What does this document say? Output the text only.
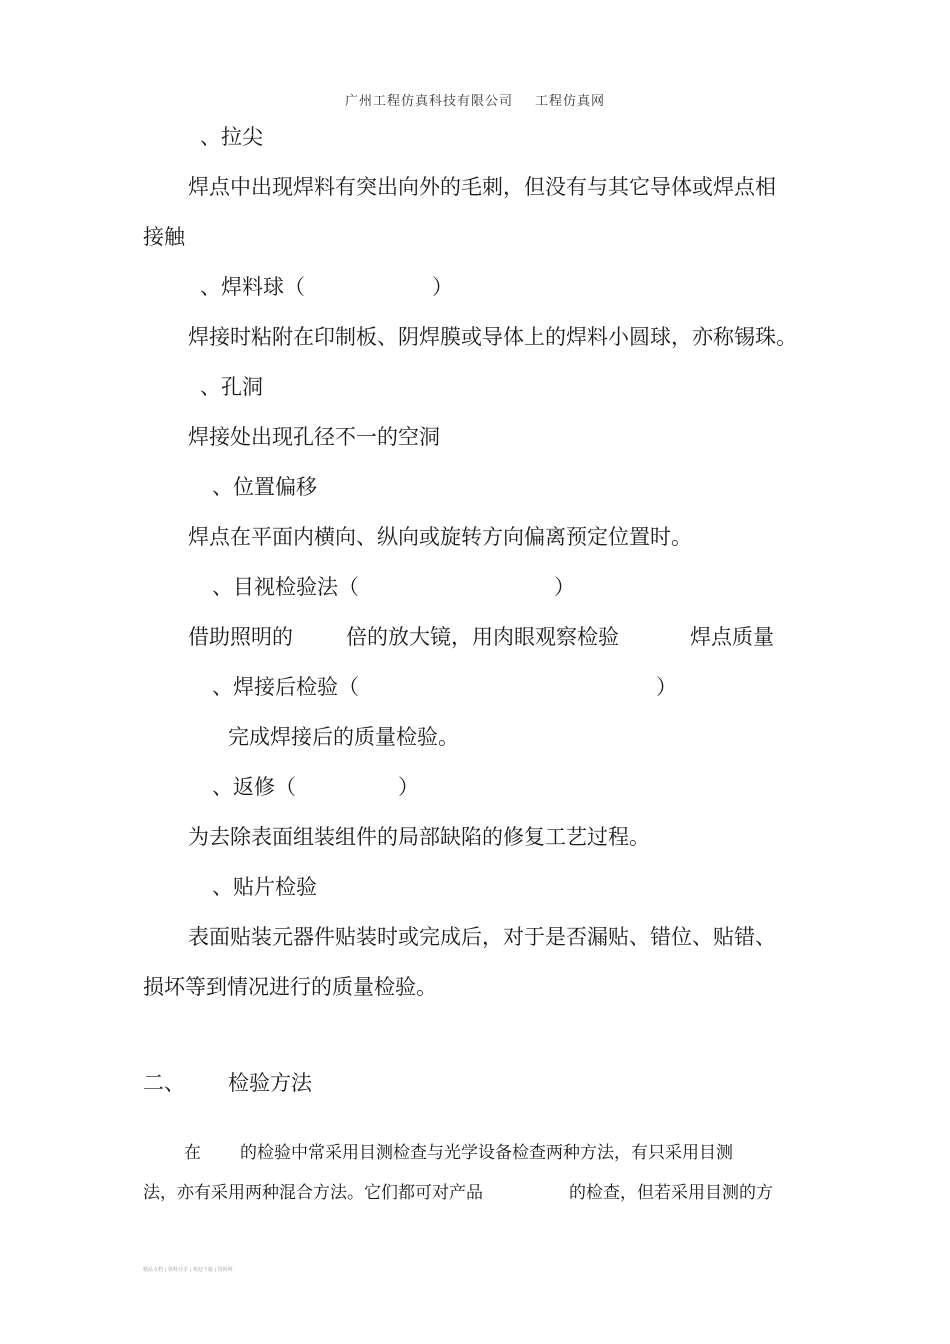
广州工程仿真科技有限公司 工程仿真网
、拉尖
焊点中出现焊料有突出向外的毛刺，但没有与其它导体或焊点相
接触
、焊料球（	）
焊接时粘附在印制板、阴焊膜或导体上的焊料小圆球，亦称锡珠。
、孔洞
焊接处出现孔径不一的空洞
、位置偏移
焊点在平面内横向、纵向或旋转方向偏离预定位置时。
、目视检验法（	）
借助照明的	倍的放大镜，用肉眼观察检验	焊点质量
、焊接后检验（	）
完成焊接后的质量检验。
、返修（	）
为去除表面组装组件的局部缺陷的修复工艺过程。
、贴片检验
表面贴装元器件贴装时或完成后，对于是否漏贴、错位、贴错、
损坏等到情况进行的质量检验。
二、 检验方法
在 的检验中常采用目测检查与光学设备检查两种方法，有只采用目测
法，亦有采用两种混合方法。它们都可对产品	的检查，但若采用目测的方
精品文档 | 资料分享 | 欢迎下载 | 资料网
